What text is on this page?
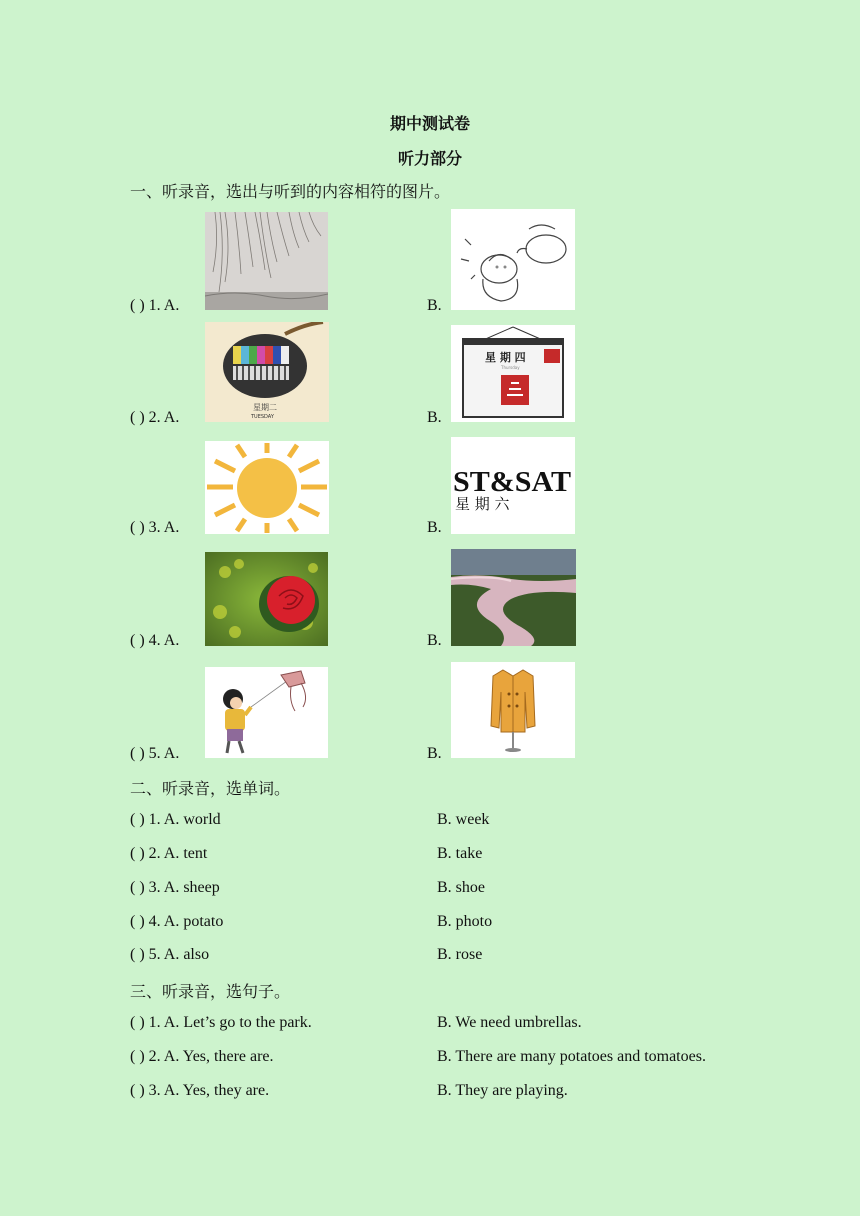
期中测试卷
听力部分
一、听录音，选出与听到的内容相符的图片。
( ) 1. A.	B.
( ) 2. A.
星期二
TUESDAY	B.
星 期 四
Thursday
( ) 3. A.	B.
ST&SAT
星 期 六
( ) 4. A.	B.
( ) 5. A.	B.
二、听录音，选单词。
( ) 1. A. world	B. week
( ) 2. A. tent	B. take
( ) 3. A. sheep	B. shoe
( ) 4. A. potato	B. photo
( ) 5. A. also	B. rose
三、听录音，选句子。
( ) 1. A. Let’s go to the park.	B. We need umbrellas.
( ) 2. A. Yes, there are.	B. There are many potatoes and tomatoes.
( ) 3. A. Yes, they are.	B. They are playing.
